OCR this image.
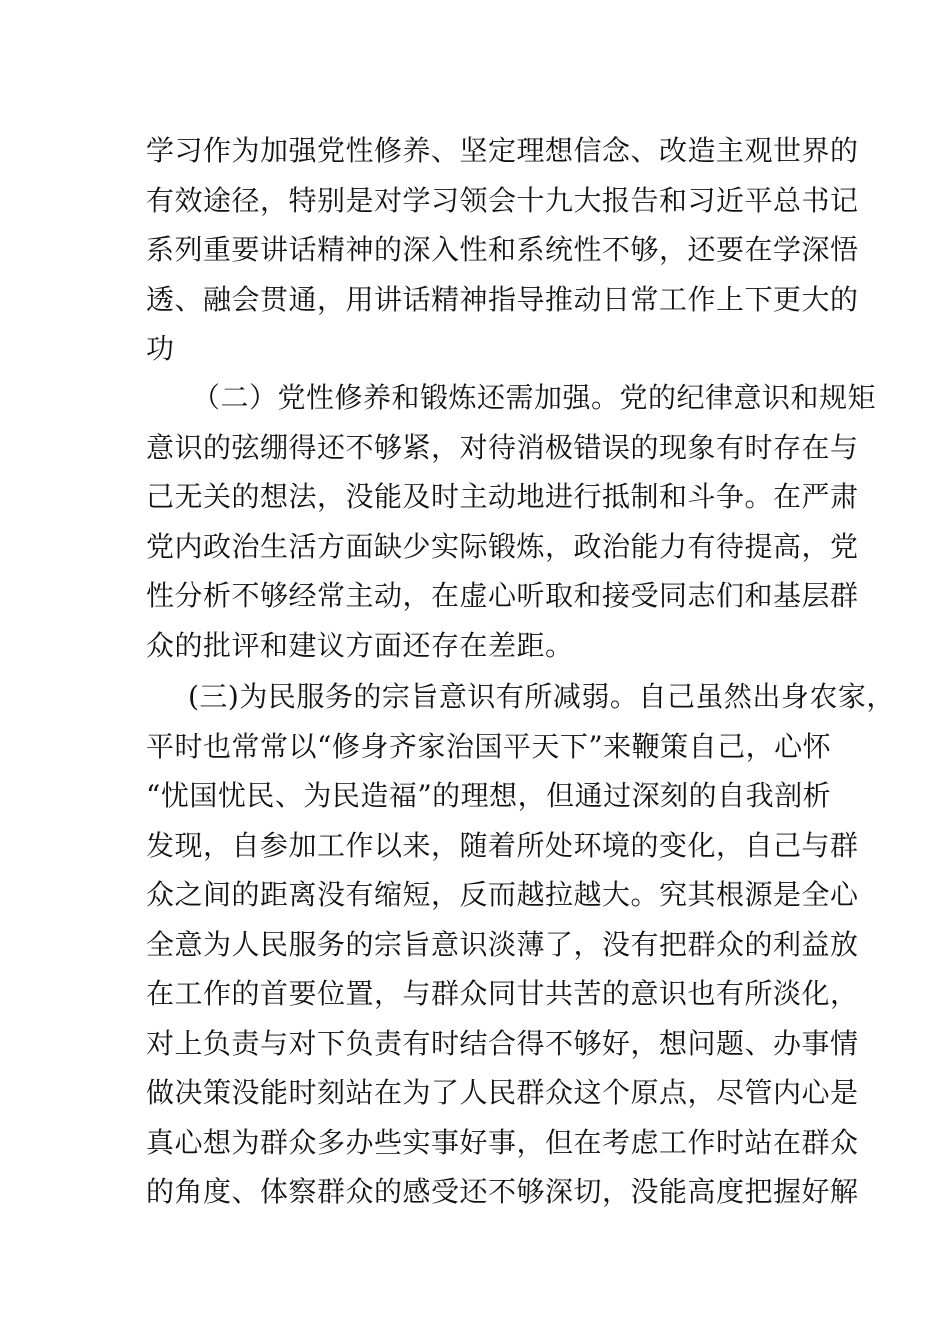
学习作为加强党性修养、坚定理想信念、改造主观世界的
有效途径，特别是对学习领会十九大报告和习近平总书记
系列重要讲话精神的深入性和系统性不够，还要在学深悟
透、融会贯通，用讲话精神指导推动日常工作上下更大的
功
（二）党性修养和锻炼还需加强。党的纪律意识和规矩
意识的弦绷得还不够紧，对待消极错误的现象有时存在与
己无关的想法，没能及时主动地进行抵制和斗争。在严肃
党内政治生活方面缺少实际锻炼，政治能力有待提高，党
性分析不够经常主动，在虚心听取和接受同志们和基层群
众的批评和建议方面还存在差距。
(三)为民服务的宗旨意识有所减弱。自己虽然出身农家，
平时也常常以“修身齐家治国平天下”来鞭策自己，心怀
“忧国忧民、为民造福”的理想，但通过深刻的自我剖析
发现，自参加工作以来，随着所处环境的变化，自己与群
众之间的距离没有缩短，反而越拉越大。究其根源是全心
全意为人民服务的宗旨意识淡薄了，没有把群众的利益放
在工作的首要位置，与群众同甘共苦的意识也有所淡化，
对上负责与对下负责有时结合得不够好，想问题、办事情
做决策没能时刻站在为了人民群众这个原点，尽管内心是
真心想为群众多办些实事好事，但在考虑工作时站在群众
的角度、体察群众的感受还不够深切，没能高度把握好解
